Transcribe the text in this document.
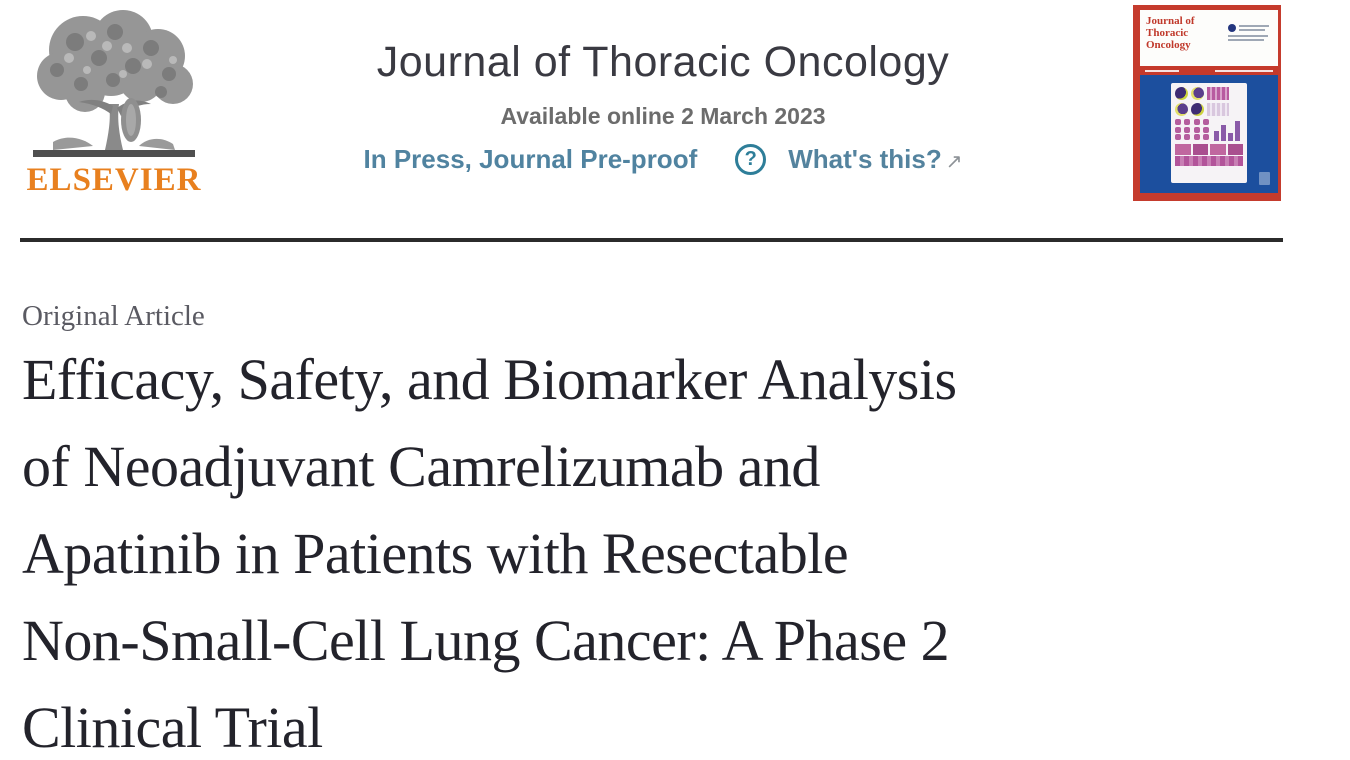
ELSEVIER
Journal of Thoracic Oncology
Available online 2 March 2023
In Press, Journal Pre-proof	?	What's this? ↗
Journal of
Thoracic
Oncology
Original Article
Efficacy, Safety, and Biomarker Analysis
of Neoadjuvant Camrelizumab and
Apatinib in Patients with Resectable
Non-Small-Cell Lung Cancer: A Phase 2
Clinical Trial
